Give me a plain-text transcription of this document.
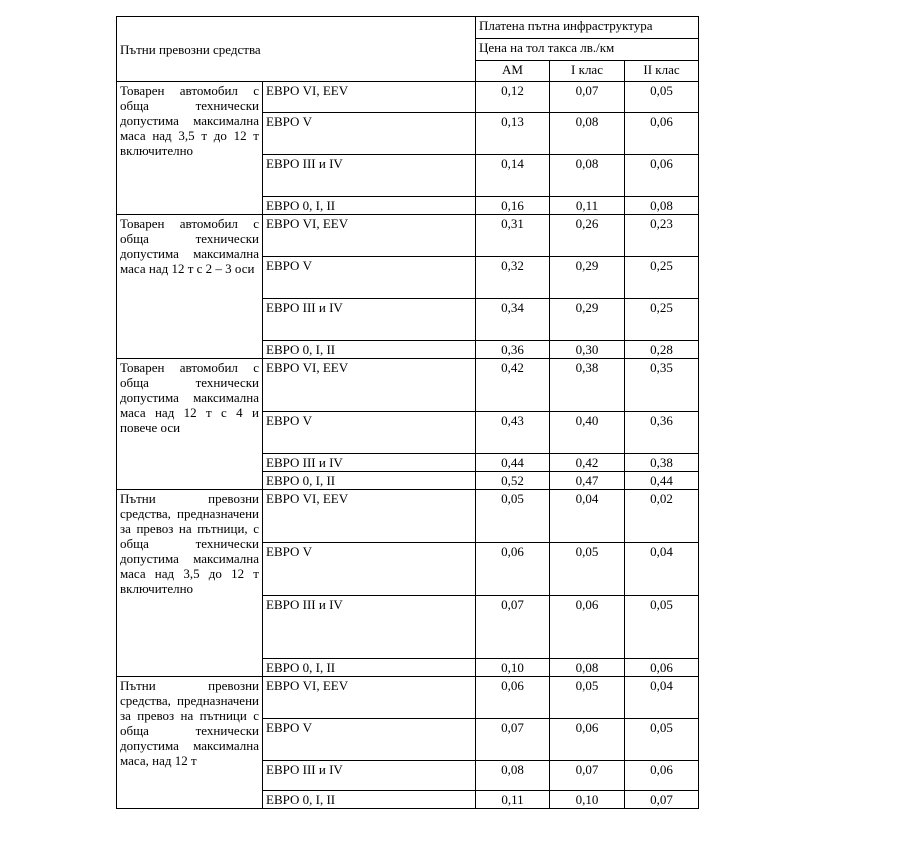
Пътни превозни средства		Платена пътна инфраструктура		
		Цена на тол такса лв./км		
		АМ	I клас	II клас
Товарен автомобил с обща технически допустима максимална маса над 3,5 т до 12 т включително	ЕВРО VI, EEV	0,12	0,07	0,05
	ЕВРО V	0,13	0,08	0,06
	ЕВРО III и IV	0,14	0,08	0,06
	ЕВРО 0, I, II	0,16	0,11	0,08
Товарен автомобил с обща технически допустима максимална маса над 12 т с 2 – 3 оси	ЕВРО VI, EEV	0,31	0,26	0,23
	ЕВРО V	0,32	0,29	0,25
	ЕВРО III и IV	0,34	0,29	0,25
	ЕВРО 0, I, II	0,36	0,30	0,28
Товарен автомобил с обща технически допустима максимална маса над 12 т с 4 и повече оси	ЕВРО VI, EEV	0,42	0,38	0,35
	ЕВРО V	0,43	0,40	0,36
	ЕВРО III и IV	0,44	0,42	0,38
	ЕВРО 0, I, II	0,52	0,47	0,44
Пътни превозни средства, предназначени за превоз на пътници, с обща технически допустима максимална маса над 3,5 до 12 т включително	ЕВРО VI, EEV	0,05	0,04	0,02
	ЕВРО V	0,06	0,05	0,04
	ЕВРО III и IV	0,07	0,06	0,05
	ЕВРО 0, I, II	0,10	0,08	0,06
Пътни превозни средства, предназначени за превоз на пътници с обща технически допустима максимална маса, над 12 т	ЕВРО VI, EEV	0,06	0,05	0,04
	ЕВРО V	0,07	0,06	0,05
	ЕВРО III и IV	0,08	0,07	0,06
	ЕВРО 0, I, II	0,11	0,10	0,07
